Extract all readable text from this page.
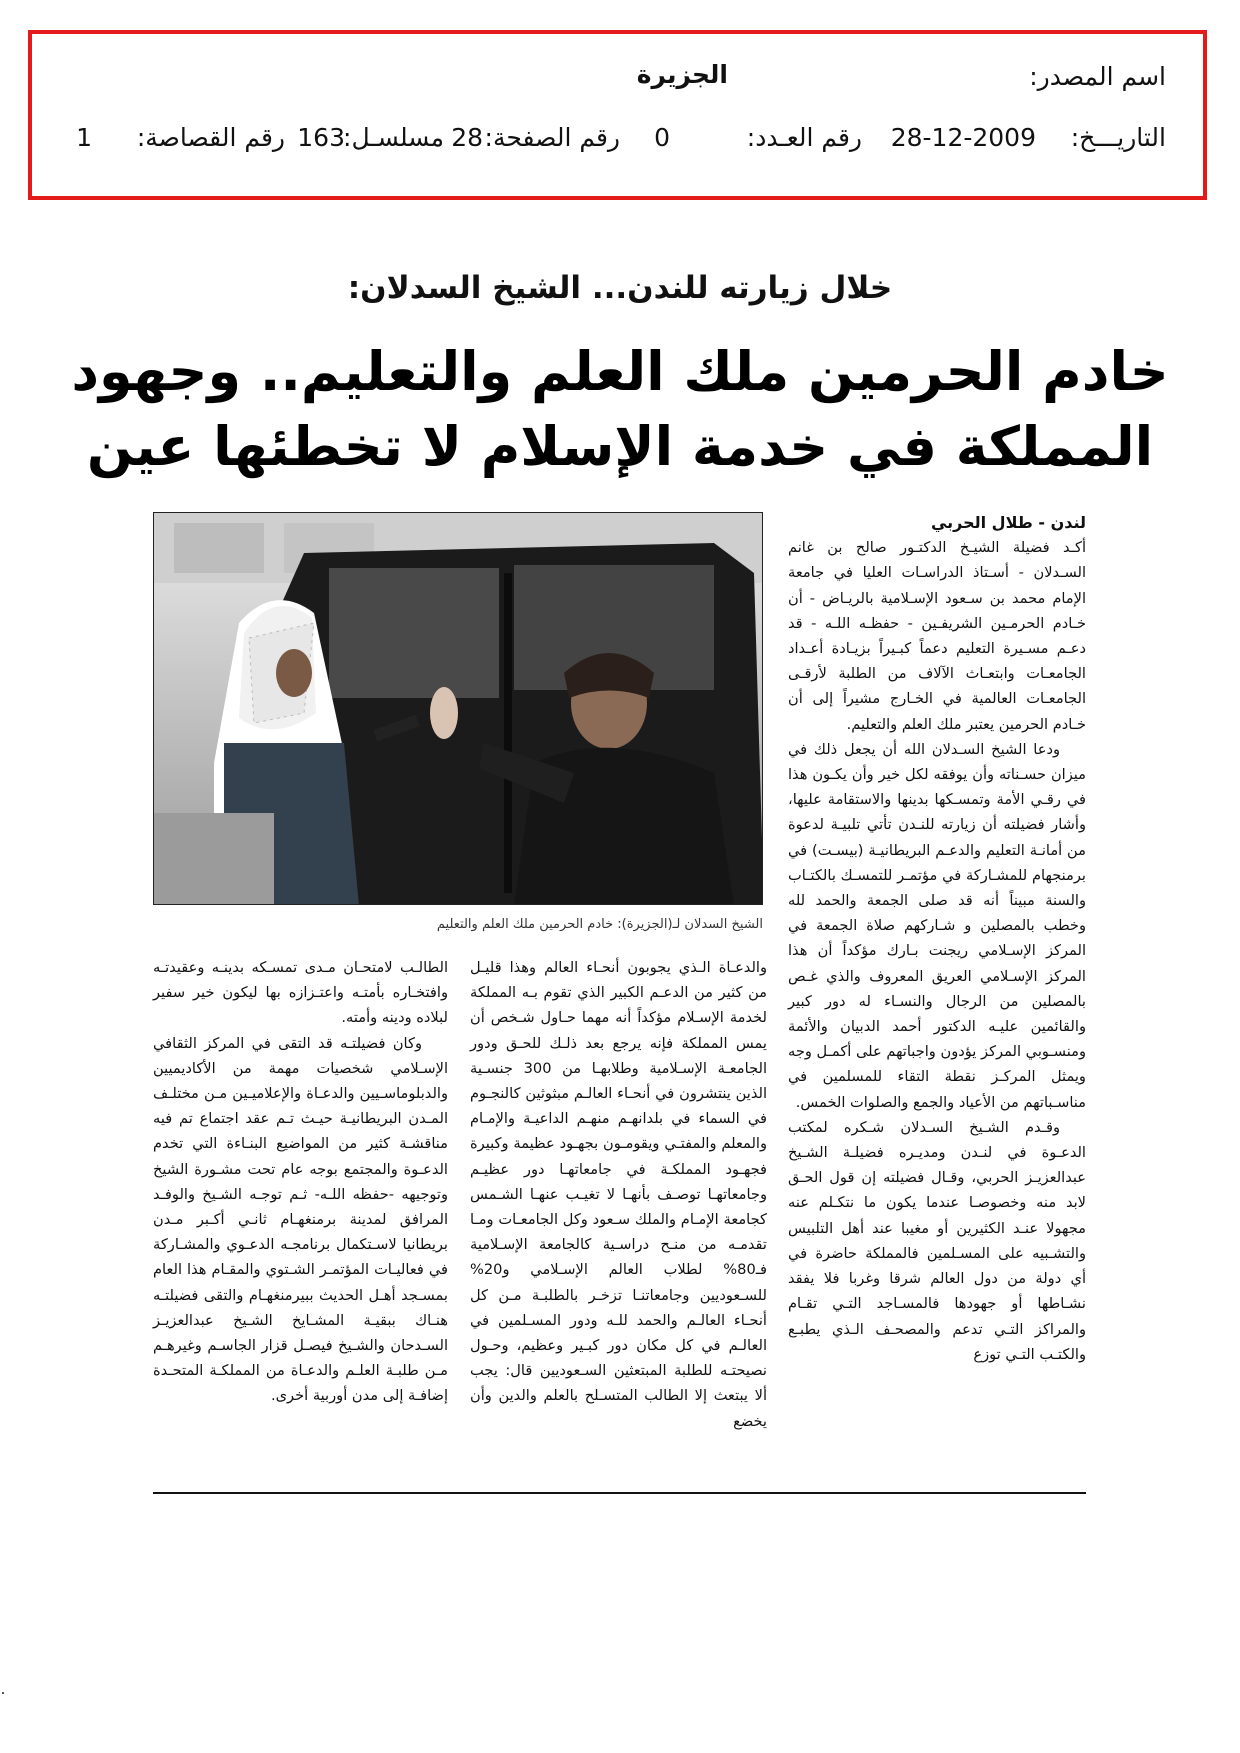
اسم المصدر:
الجزيرة
التاريـــخ:
28-12-2009
رقم العـدد:
0
رقم الصفحة:
28
مسلسـل:
163
رقم القصاصة:
1
خلال زيارته للندن... الشيخ السدلان:
خادم الحرمين ملك العلم والتعليم.. وجهود
المملكة في خدمة الإسلام لا تخطئها عين
الشيخ السدلان لـ(الجزيرة): خادم الحرمين ملك العلم والتعليم

لندن - طلال الحربي

أكـد فضيلة الشيـخ الدكتـور صالح بن غانم السـدلان - أسـتاذ الدراسـات العليا في جامعة الإمام محمد بن سـعود الإسـلامية بالريـاض - أن خـادم الحرمـين الشريفـين - حفظـه اللـه - قد دعـم مسـيرة التعليم دعماً كبـيراً بزيـادة أعـداد الجامعـات وابتعـاث الآلاف من الطلبة لأرقـى الجامعـات العالمية في الخـارج مشيراً إلى أن خـادم الحرمين يعتبر ملك العلم والتعليم.

ودعا الشيخ السـدلان الله أن يجعل ذلك في ميزان حسـناته وأن يوفقه لكل خير وأن يكـون هذا في رقـي الأمة وتمسـكها بدينها والاستقامة عليها، وأشار فضيلته أن زيارته للنـدن تأتي تلبيـة لدعوة من أمانـة التعليم والدعـم البريطانيـة (بيسـت) في برمنجهام للمشـاركة في مؤتمـر للتمسـك بالكتـاب والسنة مبيناً أنه قد صلى الجمعة والحمد لله وخطب بالمصلين و شـاركهم صلاة الجمعة في المركز الإسـلامي ريجنت بـارك مؤكداً أن هذا المركز الإسـلامي العريق المعروف والذي غـص بالمصلين من الرجال والنسـاء له دور كبير والقائمين عليـه الدكتور أحمد الدبيان والأئمة ومنسـوبي المركز يؤدون واجباتهم على أكمـل وجه ويمثل المركـز نقطة التقاء للمسلمين في مناسـباتهم من الأعياد والجمع والصلوات الخمس.

وقـدم الشـيخ السـدلان شـكره لمكتب الدعـوة في لنـدن ومديـره فضيلـة الشـيخ عبدالعزيـز الحربي، وقـال فضيلته إن قول الحـق لابد منه وخصوصـا عندما يكون ما نتكـلم عنه مجهولا عنـد الكثيرين أو مغيبا عند أهل التلبيس والتشـبيه على المسـلمين فالمملكة حاضرة في أي دولة من دول العالم شرقا وغربا فلا يفقد نشـاطها أو جهودها فالمسـاجد التـي تقـام والمراكز التـي تدعم والمصحـف الـذي يطبـع والكتـب التـي توزع

والدعـاة الـذي يجوبون أنحـاء العالم وهذا قليـل من كثير من الدعـم الكبير الذي تقوم بـه المملكة لخدمة الإسـلام مؤكداً أنه مهما حـاول شـخص أن يمس المملكة فإنه يرجع بعد ذلـك للحـق ودور الجامعـة الإسـلامية وطلابهـا من 300 جنسـية الذين ينتشرون في أنحـاء العالـم مبثوثين كالنجـوم في السماء في بلدانهـم منهـم الداعيـة والإمـام والمعلم والمفتـي ويقومـون بجهـود عظيمة وكبيرة فجهـود المملكـة في جامعاتهـا دور عظيـم وجامعاتهـا توصـف بأنهـا لا تغيـب عنهـا الشـمس كجامعة الإمـام والملك سـعود وكل الجامعـات ومـا تقدمـه من منـح دراسـية كالجامعة الإسـلامية فـ80% لطلاب العالم الإسـلامي و20% للسـعوديين وجامعاتنـا تزخـر بالطلبـة مـن كل أنحـاء العالـم والحمد للـه ودور المسـلمين في العالـم في كل مكان دور كبـير وعظيم، وحـول نصيحتـه للطلبة المبتعثين السـعوديين قال: يجب ألا يبتعث إلا الطالب المتسـلح بالعلم والدين وأن يخضع

الطالـب لامتحـان مـدى تمسـكه بدينـه وعقيدتـه وافتخـاره بأمتـه واعتـزازه بها ليكون خير سفير لبلاده ودينه وأمته.

وكان فضيلتـه قد التقى في المركز الثقافي الإسـلامي شخصيات مهمة من الأكاديميين والدبلوماسـيين والدعـاة والإعلاميـين مـن مختلـف المـدن البريطانيـة حيـث تـم عقد اجتماع تم فيه مناقشـة كثير من المواضيع البنـاءة التي تخدم الدعـوة والمجتمع بوجه عام تحت مشـورة الشيخ وتوجيهه -حفظه اللـه- ثـم توجـه الشـيخ والوفـد المرافق لمدينة برمنغهـام ثانـي أكـبر مـدن بريطانيا لاسـتكمال برنامجـه الدعـوي والمشـاركة في فعاليـات المؤتمـر الشـتوي والمقـام هذا العام بمسـجد أهـل الحديث ببيرمنغهـام والتقى فضيلتـه هنـاك ببقيـة المشـايخ الشـيخ عبدالعزيـز السـدحان والشـيخ فيصـل قزار الجاسـم وغيرهـم مـن طلبـة العلـم والدعـاة من المملكـة المتحـدة إضافـة إلى مدن أوربية أخرى.
